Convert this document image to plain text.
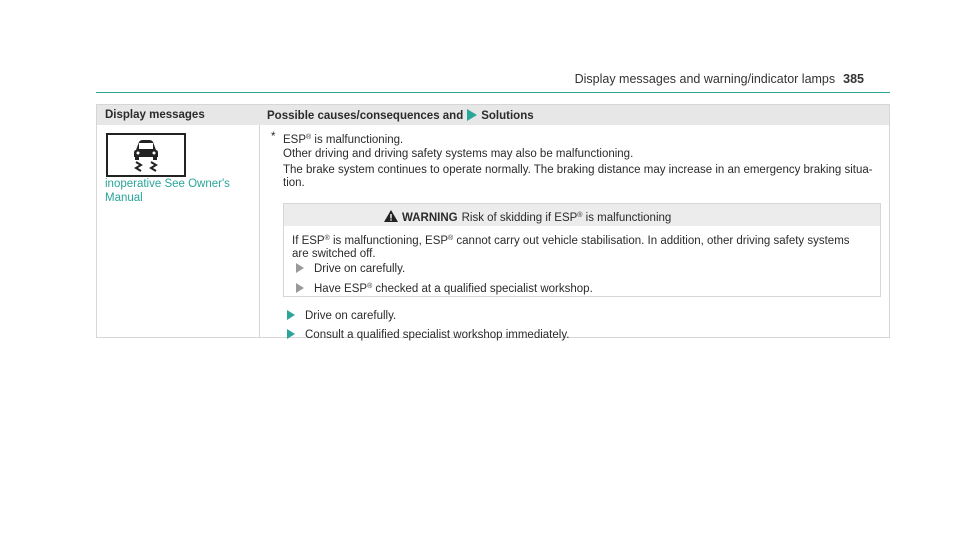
Display messages and warning/indicator lamps 385
Display messages	Possible causes/consequences and Solutions
inoperative See Owner's Manual
* ESP® is malfunctioning.
Other driving and driving safety systems may also be malfunctioning.
The brake system continues to operate normally. The braking distance may increase in an emergency braking situa-
tion.
WARNING Risk of skidding if ESP® is malfunctioning
If ESP® is malfunctioning, ESP® cannot carry out vehicle stabilisation. In addition, other driving safety systems
are switched off.
Drive on carefully.
Have ESP® checked at a qualified specialist workshop.
Drive on carefully.
Consult a qualified specialist workshop immediately.
